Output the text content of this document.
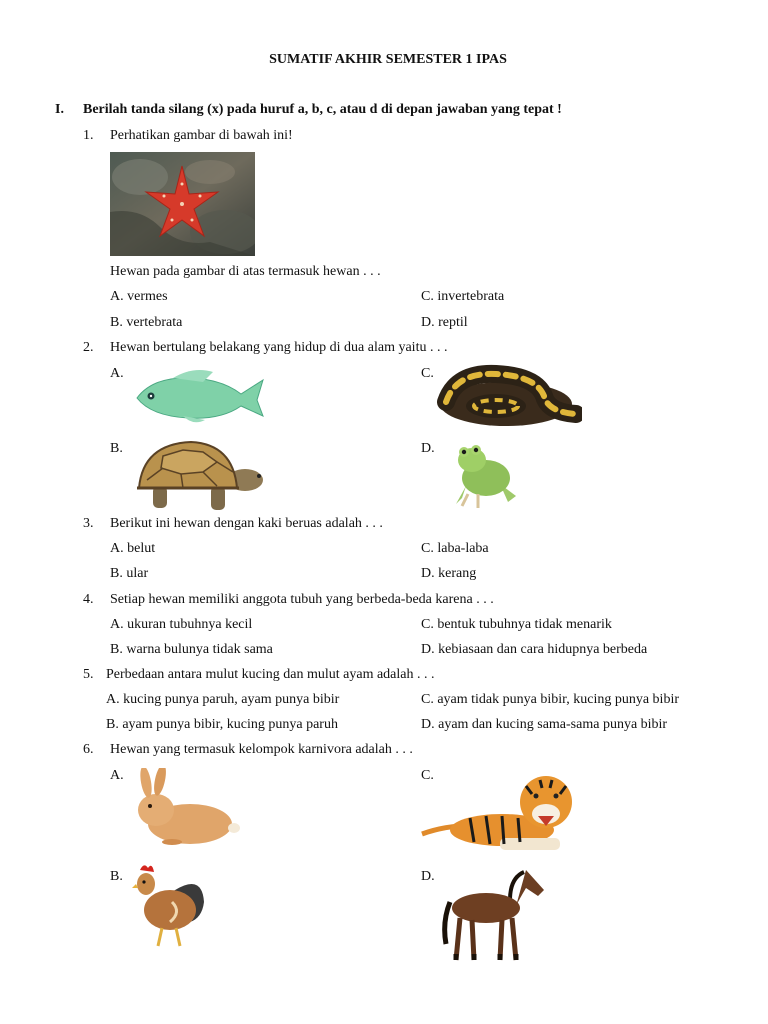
SUMATIF AKHIR SEMESTER 1 IPAS
I. Berilah tanda silang (x) pada huruf a, b, c, atau d di depan jawaban yang tepat !
1. Perhatikan gambar di bawah ini!
Hewan pada gambar di atas termasuk hewan . . .
A. vermes	C. invertebrata
B. vertebrata	D. reptil
2. Hewan bertulang belakang yang hidup di dua alam yaitu . . .
A.	C.
B.	D.
3. Berikut ini hewan dengan kaki beruas adalah . . .
A. belut	C. laba-laba
B. ular	D. kerang
4. Setiap hewan memiliki anggota tubuh yang berbeda-beda karena . . .
A. ukuran tubuhnya kecil	C. bentuk tubuhnya tidak menarik
B. warna bulunya tidak sama	D. kebiasaan dan cara hidupnya berbeda
5. Perbedaan antara mulut kucing dan mulut ayam adalah . . .
A. kucing punya paruh, ayam punya bibir	C. ayam tidak punya bibir, kucing punya bibir
B. ayam punya bibir, kucing punya paruh	D. ayam dan kucing sama-sama punya bibir
6. Hewan yang termasuk kelompok karnivora adalah . . .
A.	C.
B.	D.
